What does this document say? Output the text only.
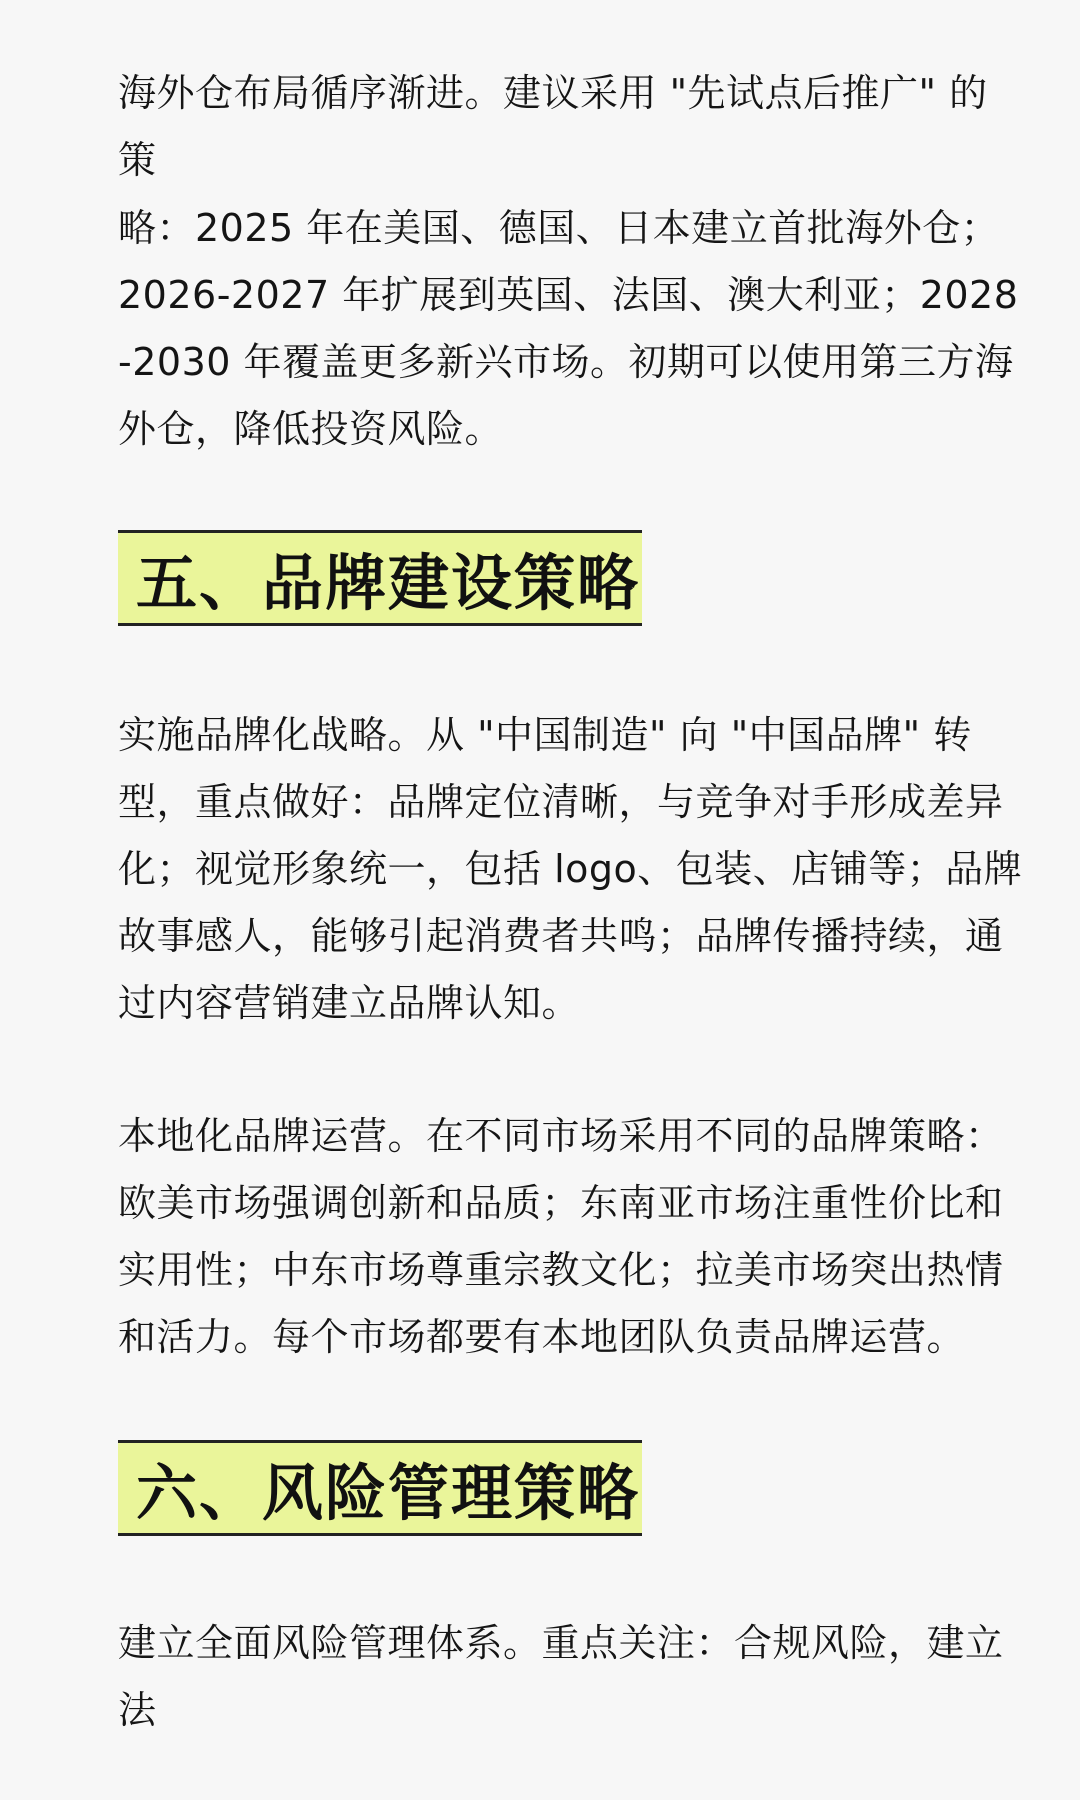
海外仓布局循序渐进。建议采用 "先试点后推广" 的策

略：2025 年在美国、德国、日本建立首批海外仓；2026-2027 年扩展到英国、法国、澳大利亚；2028-2030 年覆盖更多新兴市场。初期可以使用第三方海外仓，降低投资风险。

五、品牌建设策略

实施品牌化战略。从 "中国制造" 向 "中国品牌" 转型，重点做好：品牌定位清晰，与竞争对手形成差异化；视觉形象统一，包括 logo、包装、店铺等；品牌故事感人，能够引起消费者共鸣；品牌传播持续，通过内容营销建立品牌认知。

本地化品牌运营。在不同市场采用不同的品牌策略：欧美市场强调创新和品质；东南亚市场注重性价比和实用性；中东市场尊重宗教文化；拉美市场突出热情和活力。每个市场都要有本地团队负责品牌运营。

六、风险管理策略

建立全面风险管理体系。重点关注：合规风险，建立法
